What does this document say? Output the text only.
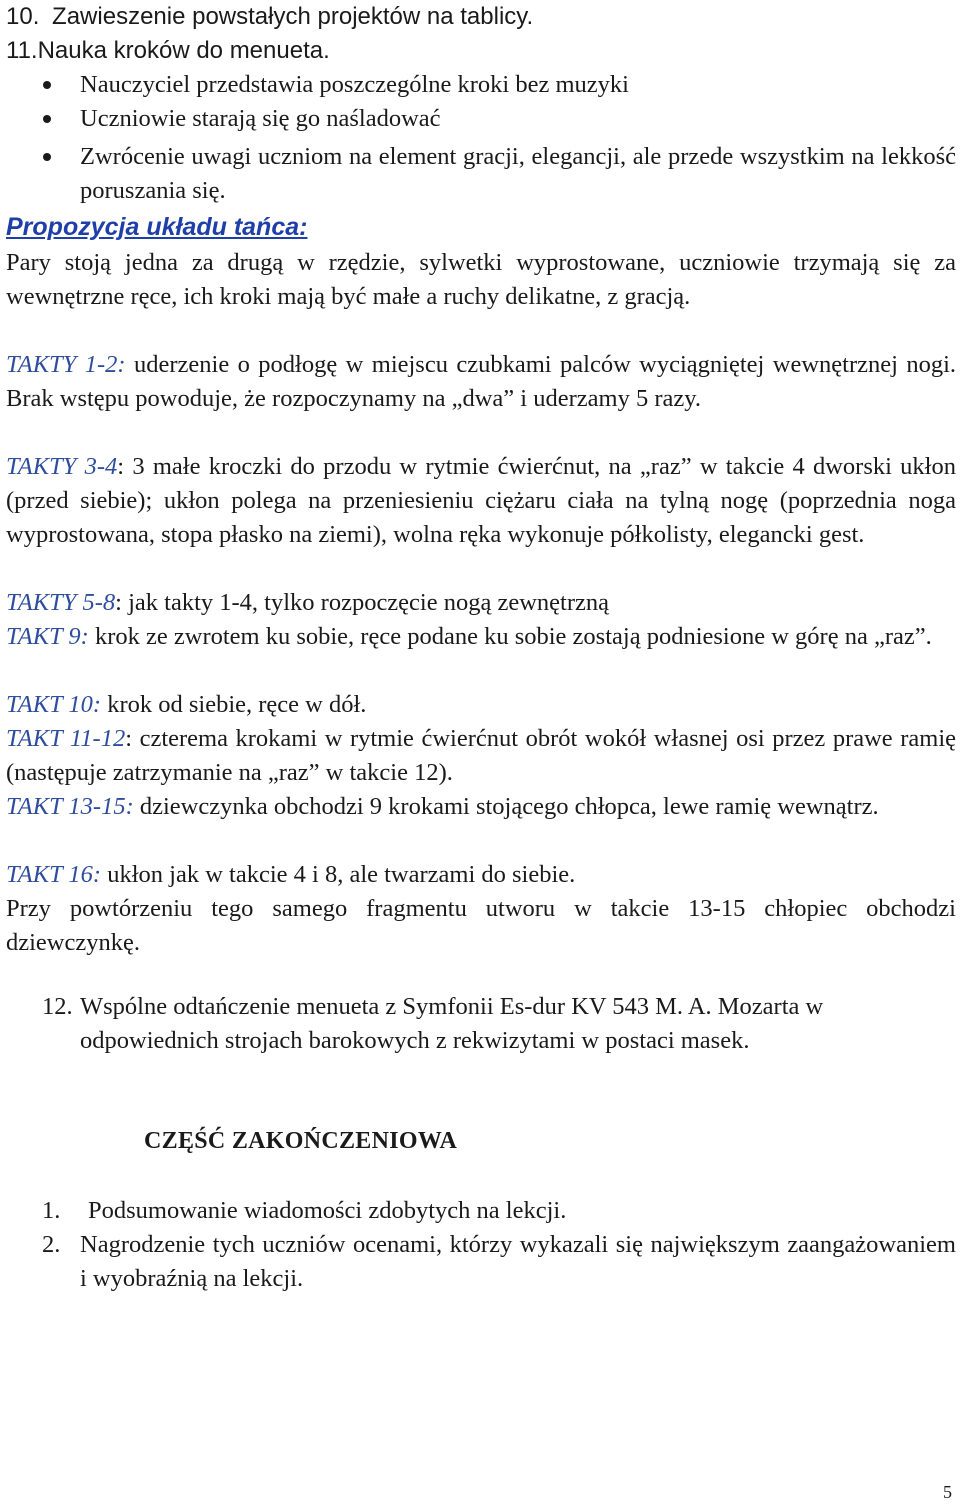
10. Zawieszenie powstałych projektów na tablicy.
11.Nauka kroków do menueta.
Nauczyciel przedstawia poszczególne kroki bez muzyki
Uczniowie starają się go naśladować
Zwrócenie uwagi uczniom na element gracji, elegancji, ale przede wszystkim na lekkość poruszania się.
Propozycja układu tańca:

Pary stoją jedna za drugą w rzędzie, sylwetki wyprostowane, uczniowie trzymają się za wewnętrzne ręce, ich kroki mają być małe a ruchy delikatne, z gracją.

TAKTY 1-2: uderzenie o podłogę w miejscu czubkami palców wyciągniętej wewnętrznej nogi. Brak wstępu powoduje, że rozpoczynamy na „dwa” i uderzamy 5 razy.

TAKTY 3-4: 3 małe kroczki do przodu w rytmie ćwierćnut, na „raz” w takcie 4 dworski ukłon (przed siebie); ukłon polega na przeniesieniu ciężaru ciała na tylną nogę (poprzednia noga wyprostowana, stopa płasko na ziemi), wolna ręka wykonuje półkolisty, elegancki gest.

TAKTY 5-8: jak takty 1-4, tylko rozpoczęcie nogą zewnętrzną

TAKT 9: krok ze zwrotem ku sobie, ręce podane ku sobie zostają podniesione w górę na „raz”.

TAKT 10: krok od siebie, ręce w dół.

TAKT 11-12: czterema krokami w rytmie ćwierćnut obrót wokół własnej osi przez prawe ramię (następuje zatrzymanie na „raz” w takcie 12).

TAKT 13-15: dziewczynka obchodzi 9 krokami stojącego chłopca, lewe ramię wewnątrz.

TAKT 16: ukłon jak w takcie 4 i 8, ale twarzami do siebie.

Przy powtórzeniu tego samego fragmentu utworu w takcie 13-15 chłopiec obchodzi dziewczynkę.

12. Wspólne odtańczenie menueta z Symfonii Es-dur KV 543 M. A. Mozarta w odpowiednich strojach barokowych z rekwizytami w postaci masek.
CZĘŚĆ ZAKOŃCZENIOWA
1. Podsumowanie wiadomości zdobytych na lekcji.
2. Nagrodzenie tych uczniów ocenami, którzy wykazali się największym zaangażowaniem i wyobraźnią na lekcji.
5
